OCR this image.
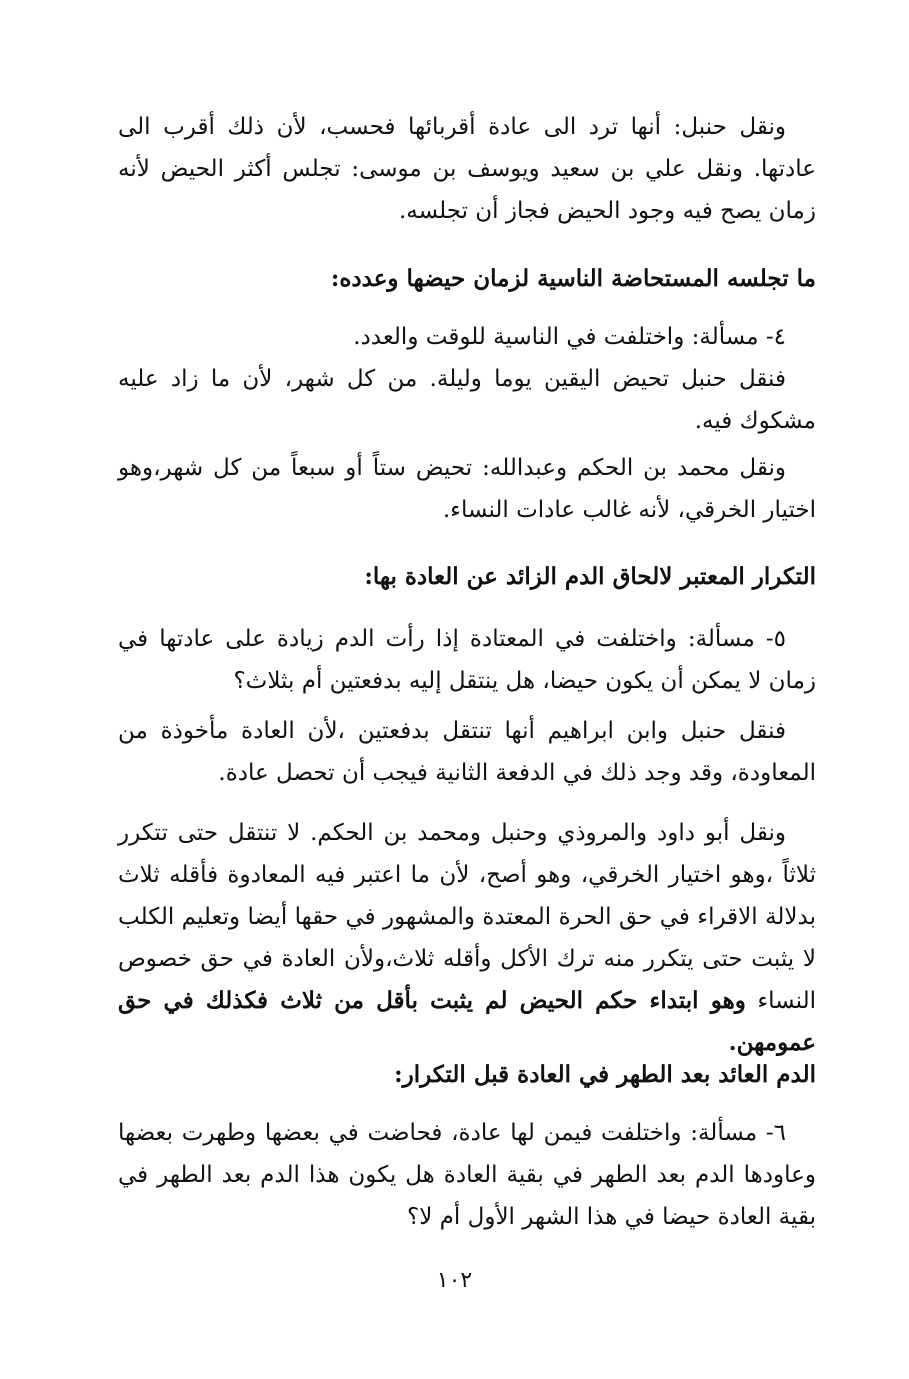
ونقل حنبل: أنها ترد الى عادة أقربائها فحسب، لأن ذلك أقرب الى عادتها. ونقل علي بن سعيد ويوسف بن موسى: تجلس أكثر الحيض لأنه زمان يصح فيه وجود الحيض فجاز أن تجلسه.

ما تجلسه المستحاضة الناسية لزمان حيضها وعدده:

٤- مسألة: واختلفت في الناسية للوقت والعدد.

فنقل حنبل تحيض اليقين يوما وليلة. من كل شهر، لأن ما زاد عليه مشكوك فيه.

ونقل محمد بن الحكم وعبدالله: تحيض ستاً أو سبعاً من كل شهر،وهو اختيار الخرقي، لأنه غالب عادات النساء.

التكرار المعتبر لالحاق الدم الزائد عن العادة بها:

٥- مسألة: واختلفت في المعتادة إذا رأت الدم زيادة على عادتها في زمان لا يمكن أن يكون حيضا، هل ينتقل إليه بدفعتين أم بثلاث؟

فنقل حنبل وابن ابراهيم أنها تنتقل بدفعتين ،لأن العادة مأخوذة من المعاودة، وقد وجد ذلك في الدفعة الثانية فيجب أن تحصل عادة.

ونقل أبو داود والمروذي وحنبل ومحمد بن الحكم. لا تنتقل حتى تتكرر ثلاثاً ،وهو اختيار الخرقي، وهو أصح، لأن ما اعتبر فيه المعادوة فأقله ثلاث بدلالة الاقراء في حق الحرة المعتدة والمشهور في حقها أيضا وتعليم الكلب لا يثبت حتى يتكرر منه ترك الأكل وأقله ثلاث،ولأن العادة في حق خصوص النساء وهو ابتداء حكم الحيض لم يثبت بأقل من ثلاث فكذلك في حق عمومهن.

الدم العائد بعد الطهر في العادة قبل التكرار:

٦- مسألة: واختلفت فيمن لها عادة، فحاضت في بعضها وطهرت بعضها وعاودها الدم بعد الطهر في بقية العادة هل يكون هذا الدم بعد الطهر في بقية العادة حيضا في هذا الشهر الأول أم لا؟

١٠٢
